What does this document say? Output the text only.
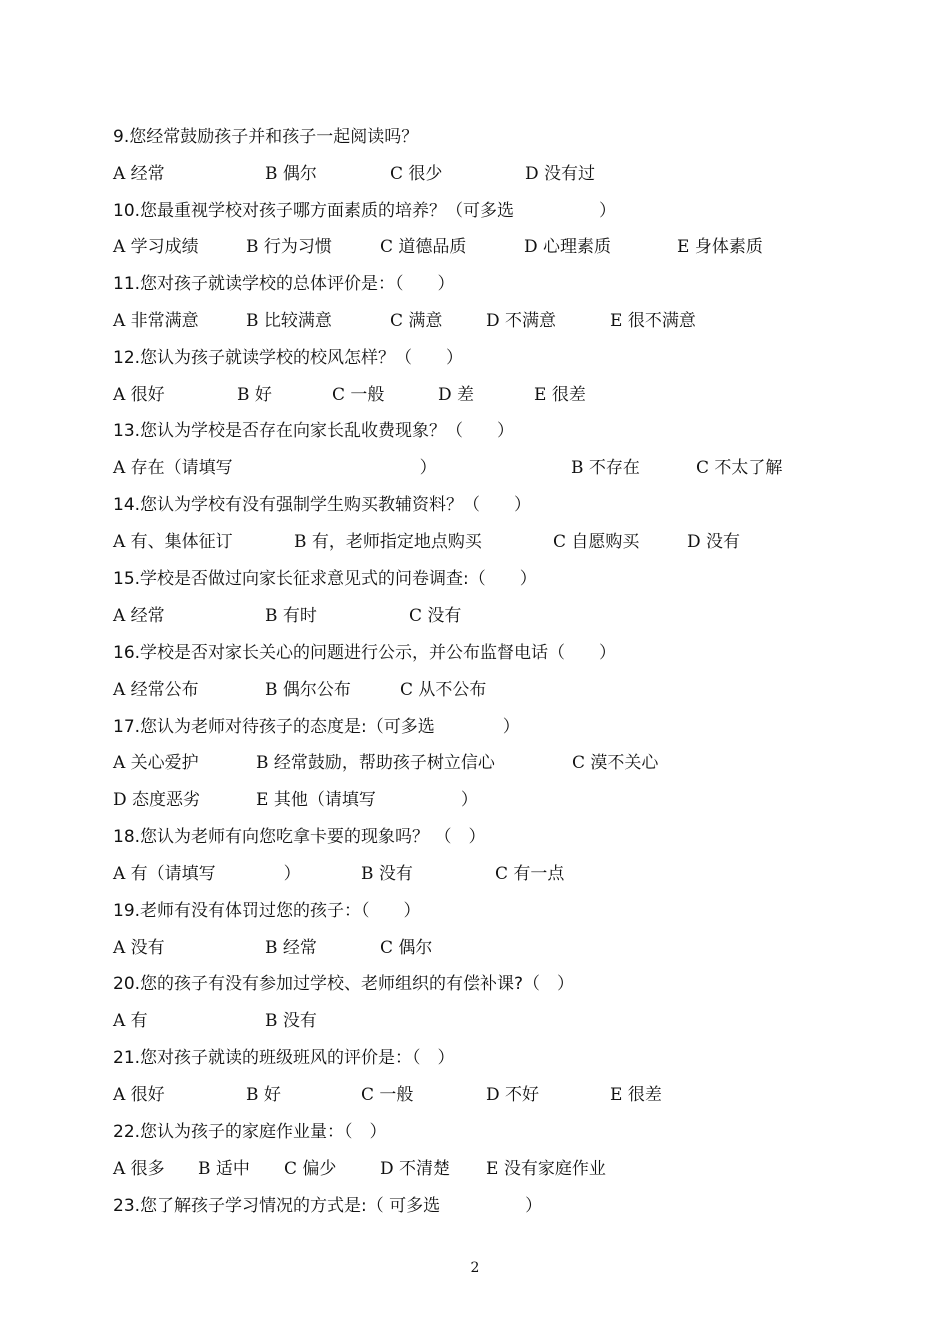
9.您经常鼓励孩子并和孩子一起阅读吗？
A 经常	B 偶尔	C 很少	D 没有过
10.您最重视学校对孩子哪方面素质的培养？（可多选　　　　　）
A 学习成绩	B 行为习惯	C 道德品质	D 心理素质	E 身体素质
11.您对孩子就读学校的总体评价是：（　　）
A 非常满意	B 比较满意	C 满意	D 不满意	E 很不满意
12.您认为孩子就读学校的校风怎样？（　　）
A 很好	B 好	C 一般	D 差	E 很差
13.您认为学校是否存在向家长乱收费现象？（　　）
A 存在（请填写　　　　　　　　　　　）	B 不存在	C 不太了解
14.您认为学校有没有强制学生购买教辅资料？（　　）
A 有、集体征订	B 有，老师指定地点购买	C 自愿购买	D 没有
15.学校是否做过向家长征求意见式的问卷调查:（　　）
A 经常	B 有时	C 没有
16.学校是否对家长关心的问题进行公示，并公布监督电话（　　）
A 经常公布	B 偶尔公布	C 从不公布
17.您认为老师对待孩子的态度是:（可多选　　　　）
A 关心爱护	B 经常鼓励，帮助孩子树立信心	C 漠不关心
D 态度恶劣	E 其他（请填写　　　　　）
18.您认为老师有向您吃拿卡要的现象吗？ （　）
A 有（请填写　　　　）	B 没有	C 有一点
19.老师有没有体罚过您的孩子：（　　）
A 没有	B 经常	C 偶尔
20.您的孩子有没有参加过学校、老师组织的有偿补课?（　）
A 有	B 没有
21.您对孩子就读的班级班风的评价是：（　）
A 很好	B 好	C 一般	D 不好	E 很差
22.您认为孩子的家庭作业量：（　）
A 很多 B 适中 C 偏少	D 不清楚 E 没有家庭作业
23.您了解孩子学习情况的方式是:（ 可多选　　　　　）
2
